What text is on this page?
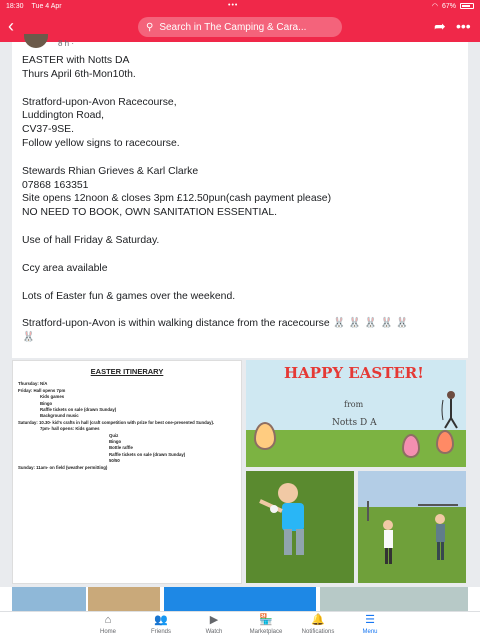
18:30 Tue 4 Apr	•••	◠ 67%
‹	⚲ Search in The Camping & Cara...	➦ •••
8 h ·
EASTER with Notts DA
Thurs April 6th-Mon10th.
Stratford-upon-Avon Racecourse,
Luddington Road,
CV37-9SE.
Follow yellow signs to racecourse.
Stewards Rhian Grieves & Karl Clarke
07868 163351
Site opens 12noon & closes 3pm £12.50pun(cash payment please)
NO NEED TO BOOK, OWN SANITATION ESSENTIAL.
Use of hall Friday & Saturday.
Ccy area available
Lots of Easter fun & games over the weekend.
Stratford-upon-Avon is within walking distance from the racecourse 🐰 🐰 🐰 🐰 🐰
🐰
EASTER ITINERARY
Thursday: N/A
Friday: Hall opens 7pm
Kids games
Bingo
Raffle tickets on sale (drawn Sunday)
Background music
Saturday: 10.30- kid's crafts in hall (craft competition with prize for best one-presented Sunday).
7pm- hall opens: Kids games
Quiz
Bingo
Bottle raffle
Raffle tickets on sale (drawn Sunday)
50/50
Sunday: 11am- on field (weather permitting)
HAPPY EASTER!
from
Notts D A
⌂
Home
👥
Friends
▶
Watch
🏪
Marketplace
🔔
Notifications
☰
Menu
